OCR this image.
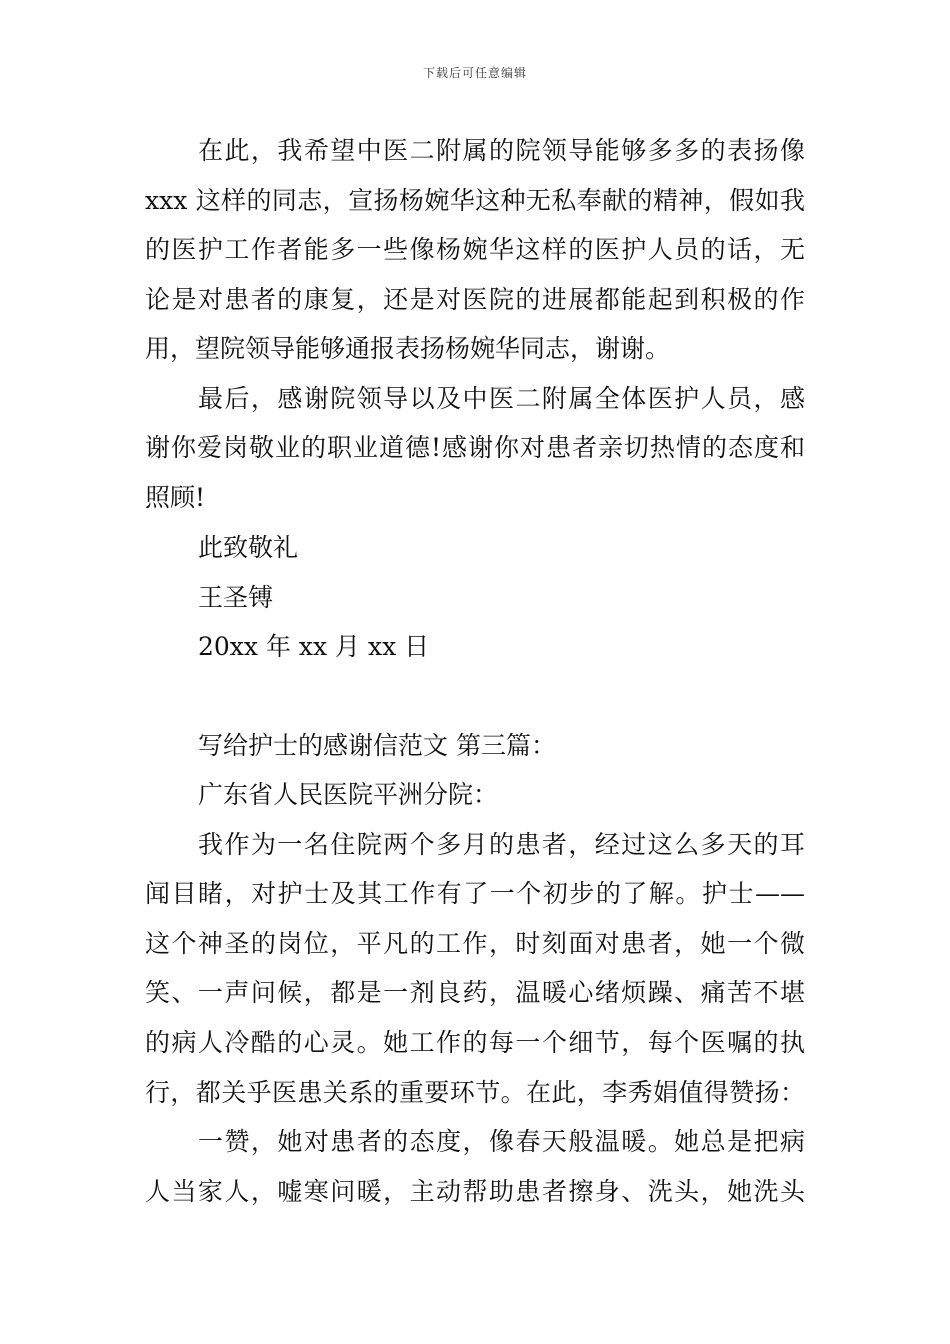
下载后可任意编辑
在此，我希望中医二附属的院领导能够多多的表扬像
xxx 这样的同志，宣扬杨婉华这种无私奉献的精神，假如我
的医护工作者能多一些像杨婉华这样的医护人员的话，无
论是对患者的康复，还是对医院的进展都能起到积极的作
用，望院领导能够通报表扬杨婉华同志，谢谢。
最后，感谢院领导以及中医二附属全体医护人员，感
谢你爱岗敬业的职业道德!感谢你对患者亲切热情的态度和
照顾!
此致敬礼
王圣镈
20xx 年 xx 月 xx 日
写给护士的感谢信范文 第三篇：
广东省人民医院平洲分院：
我作为一名住院两个多月的患者，经过这么多天的耳
闻目睹，对护士及其工作有了一个初步的了解。护士——
这个神圣的岗位，平凡的工作，时刻面对患者，她一个微
笑、一声问候，都是一剂良药，温暖心绪烦躁、痛苦不堪
的病人冷酷的心灵。她工作的每一个细节，每个医嘱的执
行，都关乎医患关系的重要环节。在此，李秀娟值得赞扬：
一赞，她对患者的态度，像春天般温暖。她总是把病
人当家人，嘘寒问暖，主动帮助患者擦身、洗头，她洗头
